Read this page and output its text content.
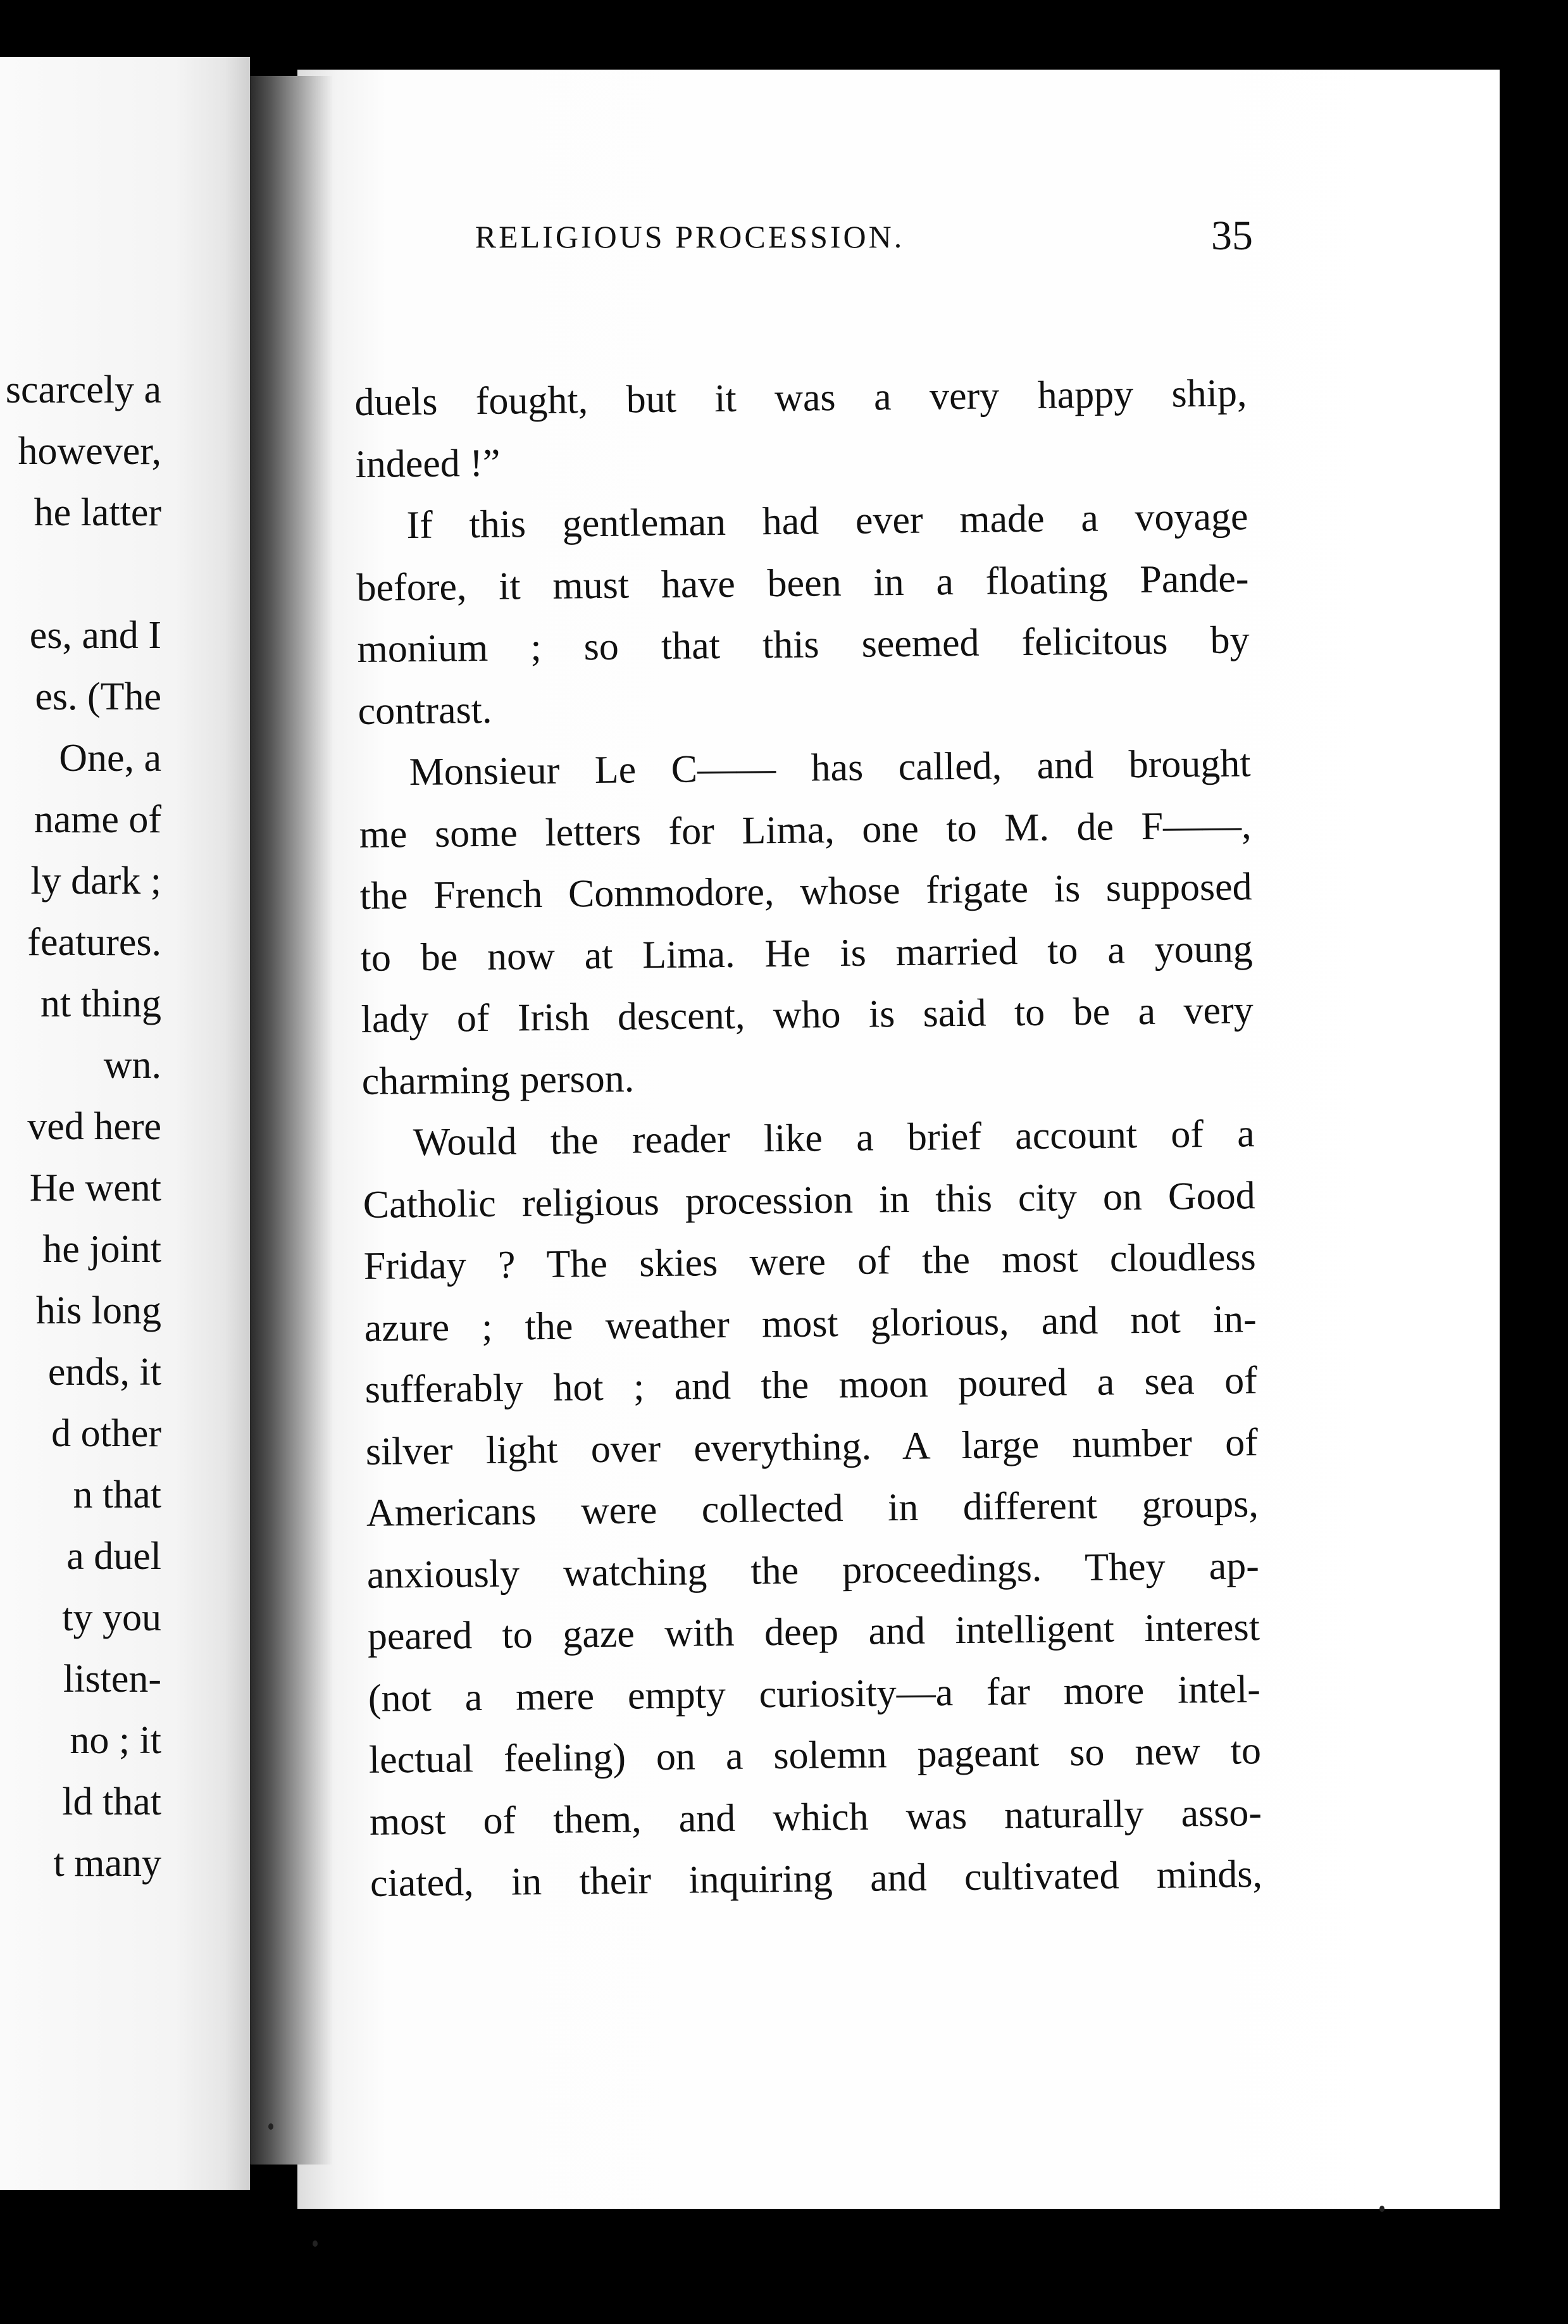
scarcely a
however,
he latter
es, and I
es. (The
One, a
name of
ly dark ;
features.
nt thing
wn.
ved here
He went
he joint
his long
ends, it
d other
n that
a duel
ty you
listen-
no ; it
ld that
t many
RELIGIOUS PROCESSION.	35
duels fought, but it was a very happy ship,
indeed !”
If this gentleman had ever made a voyage
before, it must have been in a floating Pande-
monium ; so that this seemed felicitous by
contrast.
Monsieur Le C—— has called, and brought
me some letters for Lima, one to M. de F——,
the French Commodore, whose frigate is supposed
to be now at Lima. He is married to a young
lady of Irish descent, who is said to be a very
charming person.
Would the reader like a brief account of a
Catholic religious procession in this city on Good
Friday ? The skies were of the most cloudless
azure ; the weather most glorious, and not in-
sufferably hot ; and the moon poured a sea of
silver light over everything. A large number of
Americans were collected in different groups,
anxiously watching the proceedings. They ap-
peared to gaze with deep and intelligent interest
(not a mere empty curiosity—a far more intel-
lectual feeling) on a solemn pageant so new to
most of them, and which was naturally asso-
ciated, in their inquiring and cultivated minds,
